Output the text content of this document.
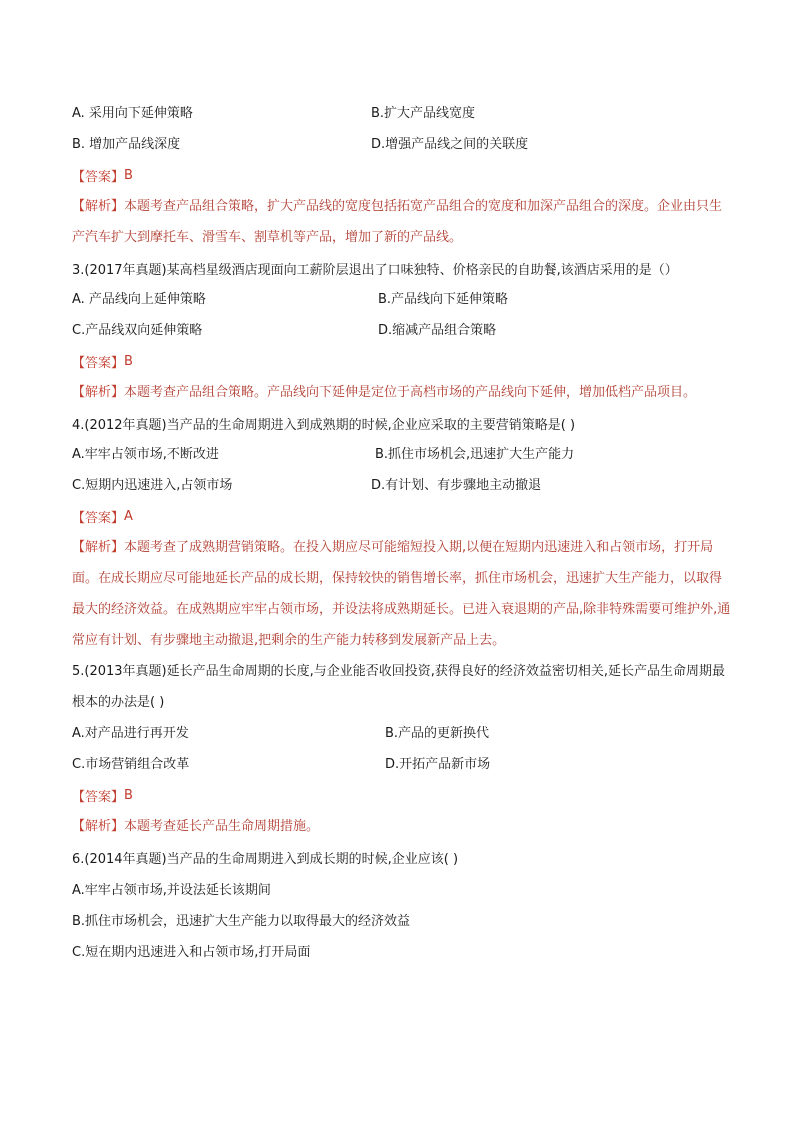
A. 采用向下延伸策略	B.扩大产品线宽度
B. 增加产品线深度	D.增强产品线之间的关联度
【答案】 B
【解析】本题考查产品组合策略，扩大产品线的宽度包括拓宽产品组合的宽度和加深产品组合的深度。企业由只生产汽车扩大到摩托车、滑雪车、割草机等产品，增加了新的产品线。
3.(2017年真题)某高档星级酒店现面向工薪阶层退出了口味独特、价格亲民的自助餐,该酒店采用的是（）
A. 产品线向上延伸策略	B.产品线向下延伸策略
C.产品线双向延伸策略	D.缩减产品组合策略
【答案】 B
【解析】本题考查产品组合策略。产品线向下延伸是定位于高档市场的产品线向下延伸，增加低档产品项目。
4.(2012年真题)当产品的生命周期进入到成熟期的时候,企业应采取的主要营销策略是( )
A.牢牢占领市场,不断改进	B.抓住市场机会,迅速扩大生产能力
C.短期内迅速进入,占领市场	D.有计划、有步骤地主动撤退
【答案】 A
【解析】本题考查了成熟期营销策略。在投入期应尽可能缩短投入期,以便在短期内迅速进入和占领市场，打开局面。在成长期应尽可能地延长产品的成长期，保持较快的销售增长率，抓住市场机会，迅速扩大生产能力，以取得最大的经济效益。在成熟期应牢牢占领市场，并设法将成熟期延长。已进入衰退期的产品,除非特殊需要可维护外,通常应有计划、有步骤地主动撤退,把剩余的生产能力转移到发展新产品上去。
5.(2013年真题)延长产品生命周期的长度,与企业能否收回投资,获得良好的经济效益密切相关,延长产品生命周期最根本的办法是( )
A.对产品进行再开发	B.产品的更新换代
C.市场营销组合改革	D.开拓产品新市场
【答案】 B
【解析】本题考查延长产品生命周期措施。
6.(2014年真题)当产品的生命周期进入到成长期的时候,企业应该( )
A.牢牢占领市场,并设法延长该期间
B.抓住市场机会，迅速扩大生产能力以取得最大的经济效益
C.短在期内迅速进入和占领市场,打开局面
